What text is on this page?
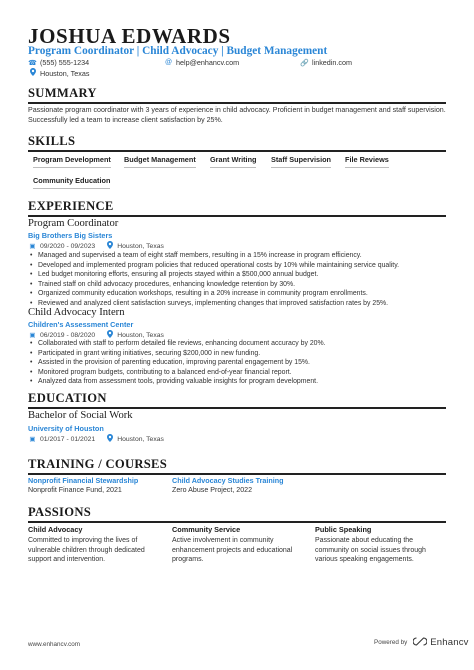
JOSHUA EDWARDS
Program Coordinator | Child Advocacy | Budget Management
☎ (555) 555-1234	@ help@enhancv.com	🔗 linkedin.com
Houston, Texas
SUMMARY
Passionate program coordinator with 3 years of experience in child advocacy. Proficient in budget management and staff supervision.
Successfully led a team to increase client satisfaction by 25%.
SKILLS
Program Development Budget Management Grant Writing Staff Supervision File Reviews
Community Education
EXPERIENCE
Program Coordinator
Big Brothers Big Sisters
▣ 09/2020 - 09/2023	Houston, Texas
• Managed and supervised a team of eight staff members, resulting in a 15% increase in program efficiency.
• Developed and implemented program policies that reduced operational costs by 10% while maintaining service quality.
• Led budget monitoring efforts, ensuring all projects stayed within a $500,000 annual budget.
• Trained staff on child advocacy procedures, enhancing knowledge retention by 30%.
• Organized community education workshops, resulting in a 20% increase in community program enrollments.
• Reviewed and analyzed client satisfaction surveys, implementing changes that improved satisfaction rates by 25%.
Child Advocacy Intern
Children's Assessment Center
▣ 06/2019 - 08/2020	Houston, Texas
• Collaborated with staff to perform detailed file reviews, enhancing document accuracy by 20%.
• Participated in grant writing initiatives, securing $200,000 in new funding.
• Assisted in the provision of parenting education, improving parental engagement by 15%.
• Monitored program budgets, contributing to a balanced end-of-year financial report.
• Analyzed data from assessment tools, providing valuable insights for program development.
EDUCATION
Bachelor of Social Work
University of Houston
▣ 01/2017 - 01/2021	Houston, Texas
TRAINING / COURSES
Nonprofit Financial Stewardship
Nonprofit Finance Fund, 2021
Child Advocacy Studies Training
Zero Abuse Project, 2022
PASSIONS
Child Advocacy
Committed to improving the lives of
vulnerable children through dedicated
support and intervention.
Community Service
Active involvement in community
enhancement projects and educational
programs.
Public Speaking
Passionate about educating the
community on social issues through
various speaking engagements.
www.enhancv.com	Powered by Enhancv
